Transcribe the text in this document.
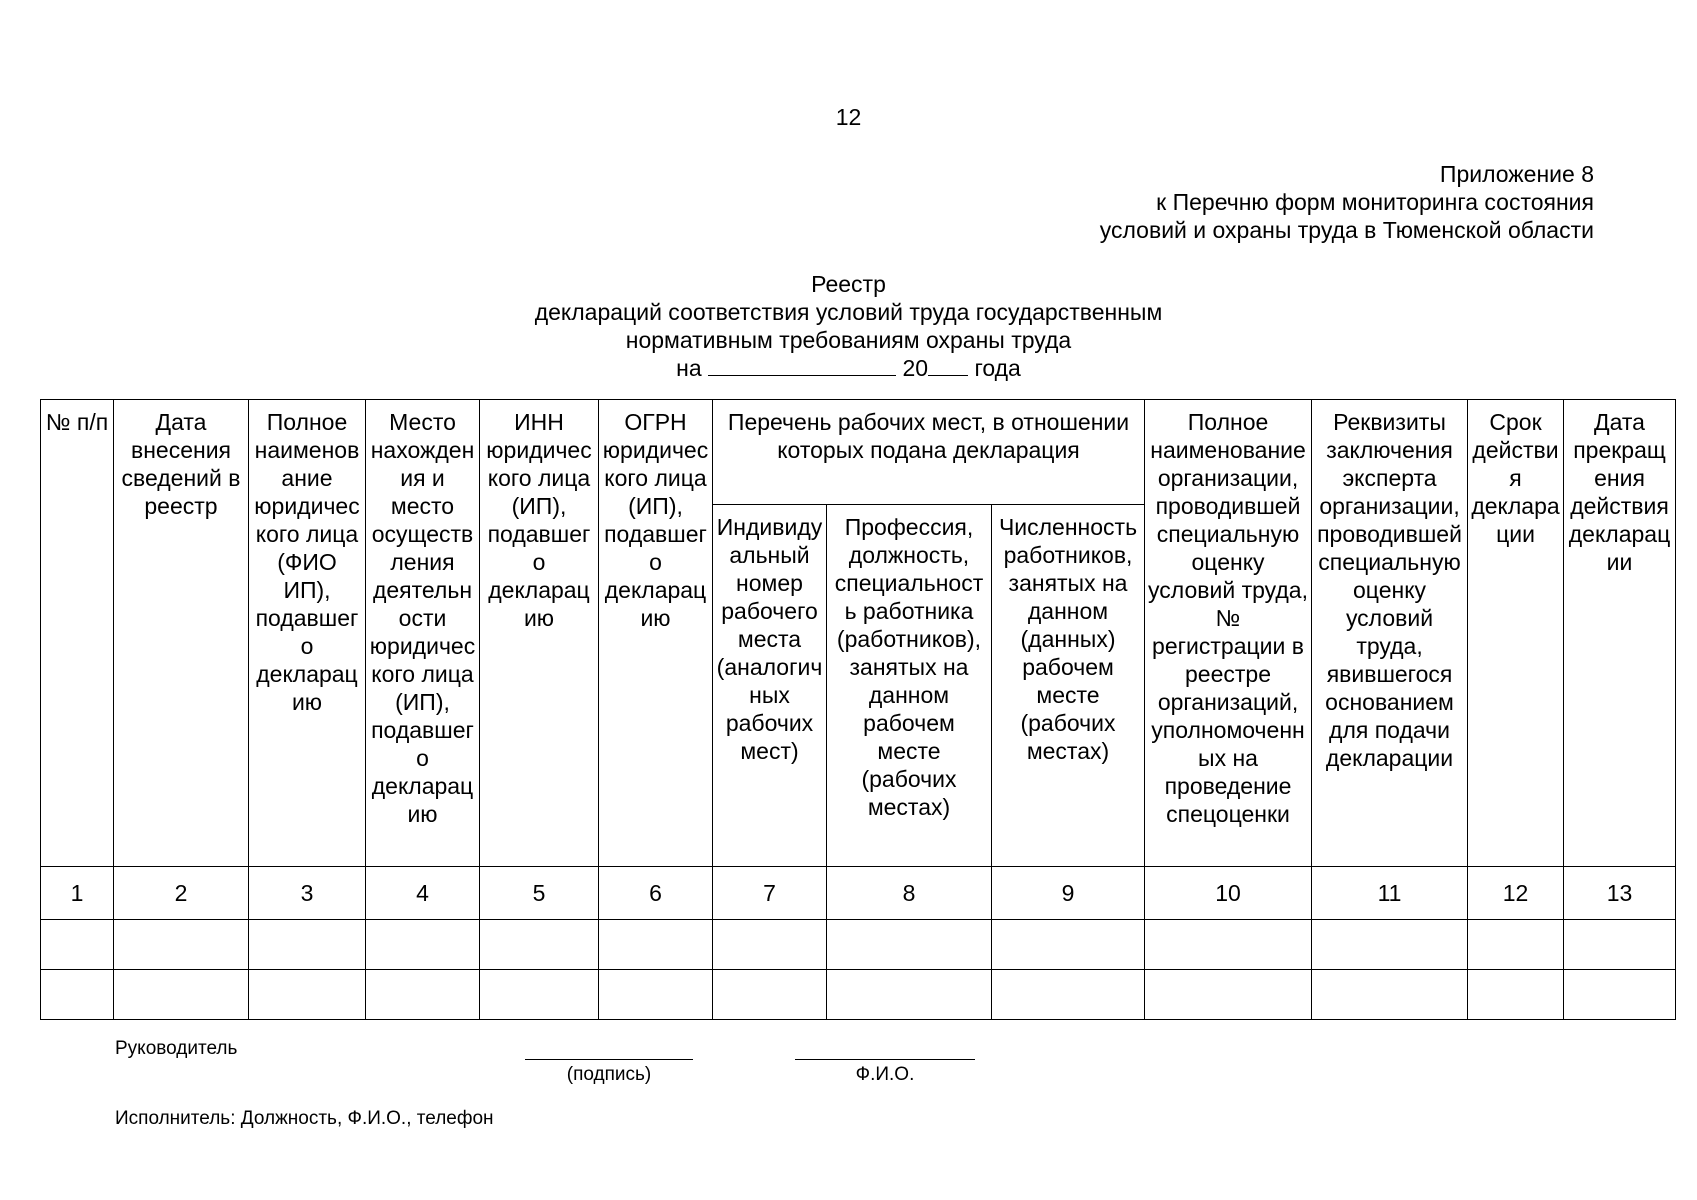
12
Приложение 8
к Перечню форм мониторинга состояния
условий и охраны труда в Тюменской области
Реестр
деклараций соответствия условий труда государственным
нормативным требованиям охраны труда
на	20 года
№ п/п	Дата внесения сведений в реестр	Полное наименование юридического лица (ФИО ИП), подавшего декларацию	Место нахождения и место осуществления деятельности юридического лица (ИП), подавшего декларацию	ИНН юридического лица (ИП), подавшего декларацию	ОГРН юридического лица (ИП), подавшего декларацию	Перечень рабочих мест, в отношении которых подана декларация			Полное наименование организации, проводившей специальную оценку условий труда, № регистрации в реестре организаций, уполномоченных на проведение спецоценки	Реквизиты заключения эксперта организации, проводившей специальную оценку условий труда, явившегося основанием для подачи декларации	Срок действия декларации	Дата прекращения действия декларации
						Индивидуальный номер рабочего места (аналогичных рабочих мест)	Профессия, должность, специальность работника (работников), занятых на данном рабочем месте (рабочих местах)	Численность работников, занятых на данном (данных) рабочем месте (рабочих местах)				
1	2	3	4	5	6	7	8	9	10	11	12	13

Руководитель
(подпись)	Ф.И.О.
Исполнитель: Должность, Ф.И.О., телефон
